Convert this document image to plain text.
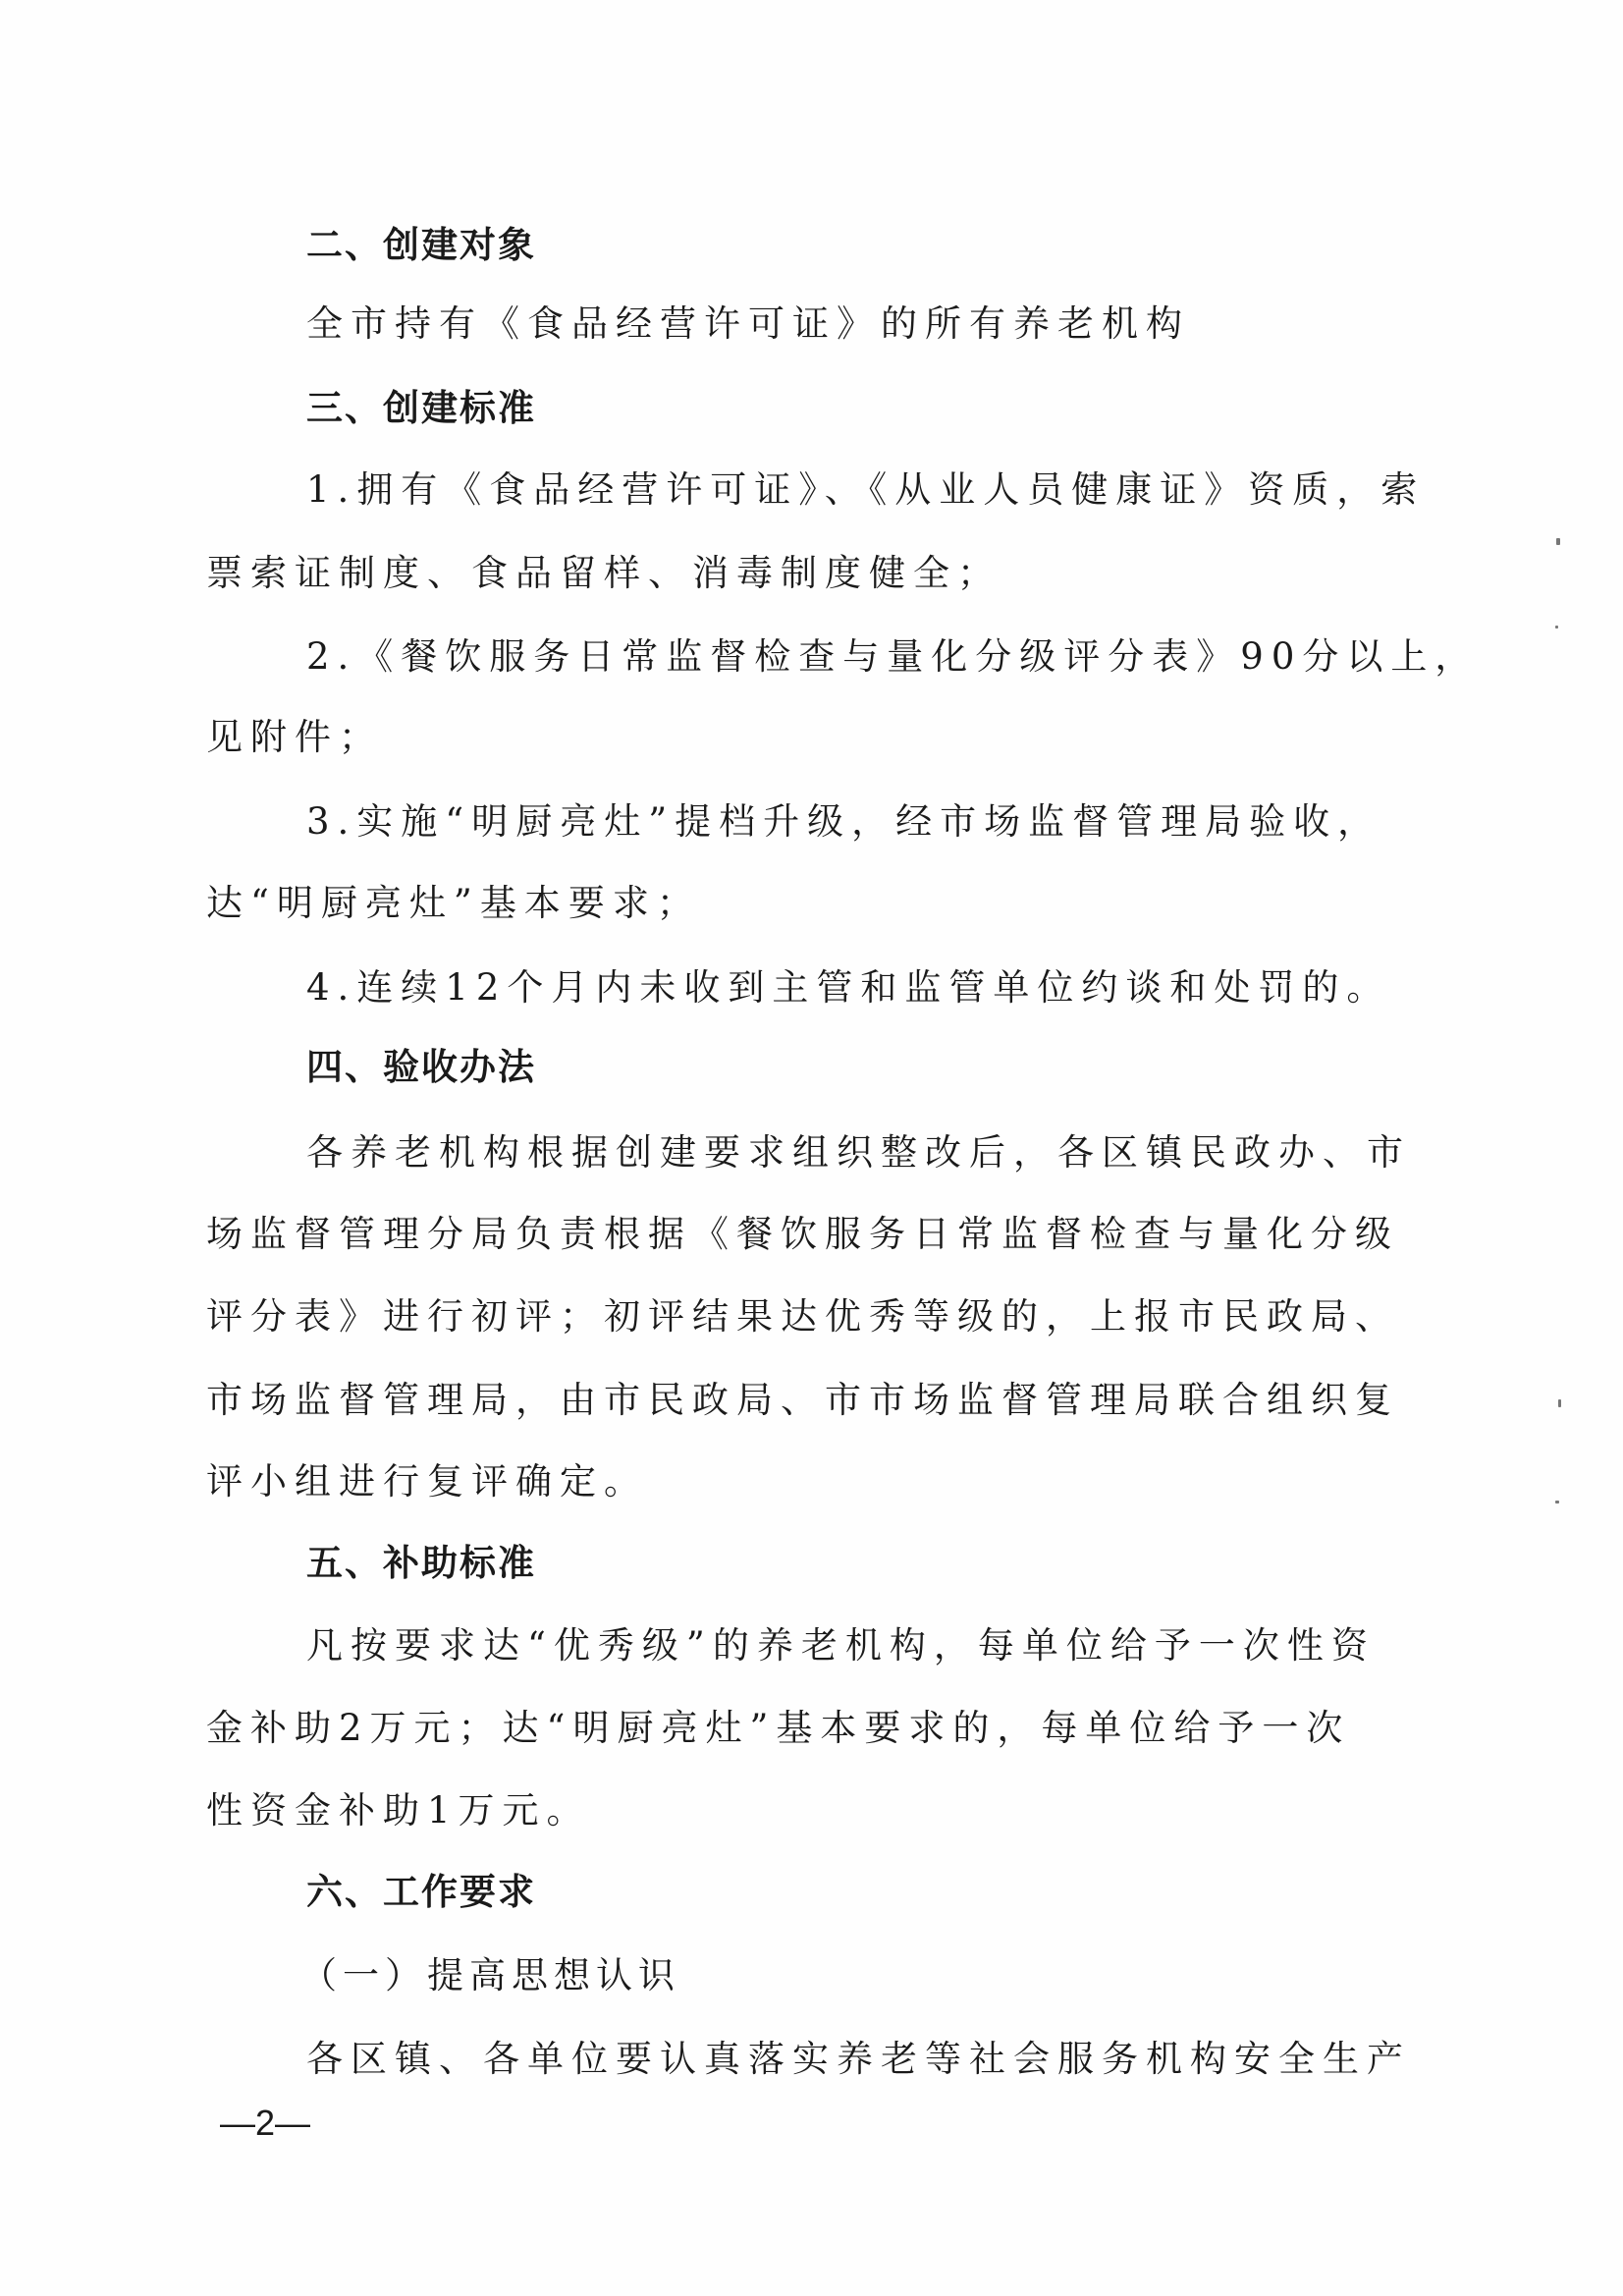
二、创建对象
全市持有《食品经营许可证》的所有养老机构
三、创建标准
1.拥有《食品经营许可证》、《从业人员健康证》资质，索
票索证制度、食品留样、消毒制度健全；
2.《餐饮服务日常监督检查与量化分级评分表》90分以上，
见附件；
3.实施“明厨亮灶”提档升级，经市场监督管理局验收，
达“明厨亮灶”基本要求；
4.连续12个月内未收到主管和监管单位约谈和处罚的。
四、验收办法
各养老机构根据创建要求组织整改后，各区镇民政办、市
场监督管理分局负责根据《餐饮服务日常监督检查与量化分级
评分表》进行初评；初评结果达优秀等级的，上报市民政局、
市场监督管理局，由市民政局、市市场监督管理局联合组织复
评小组进行复评确定。
五、补助标准
凡按要求达“优秀级”的养老机构，每单位给予一次性资
金补助2万元；达“明厨亮灶”基本要求的，每单位给予一次
性资金补助1万元。
六、工作要求
（一）提高思想认识
各区镇、各单位要认真落实养老等社会服务机构安全生产
—2—
